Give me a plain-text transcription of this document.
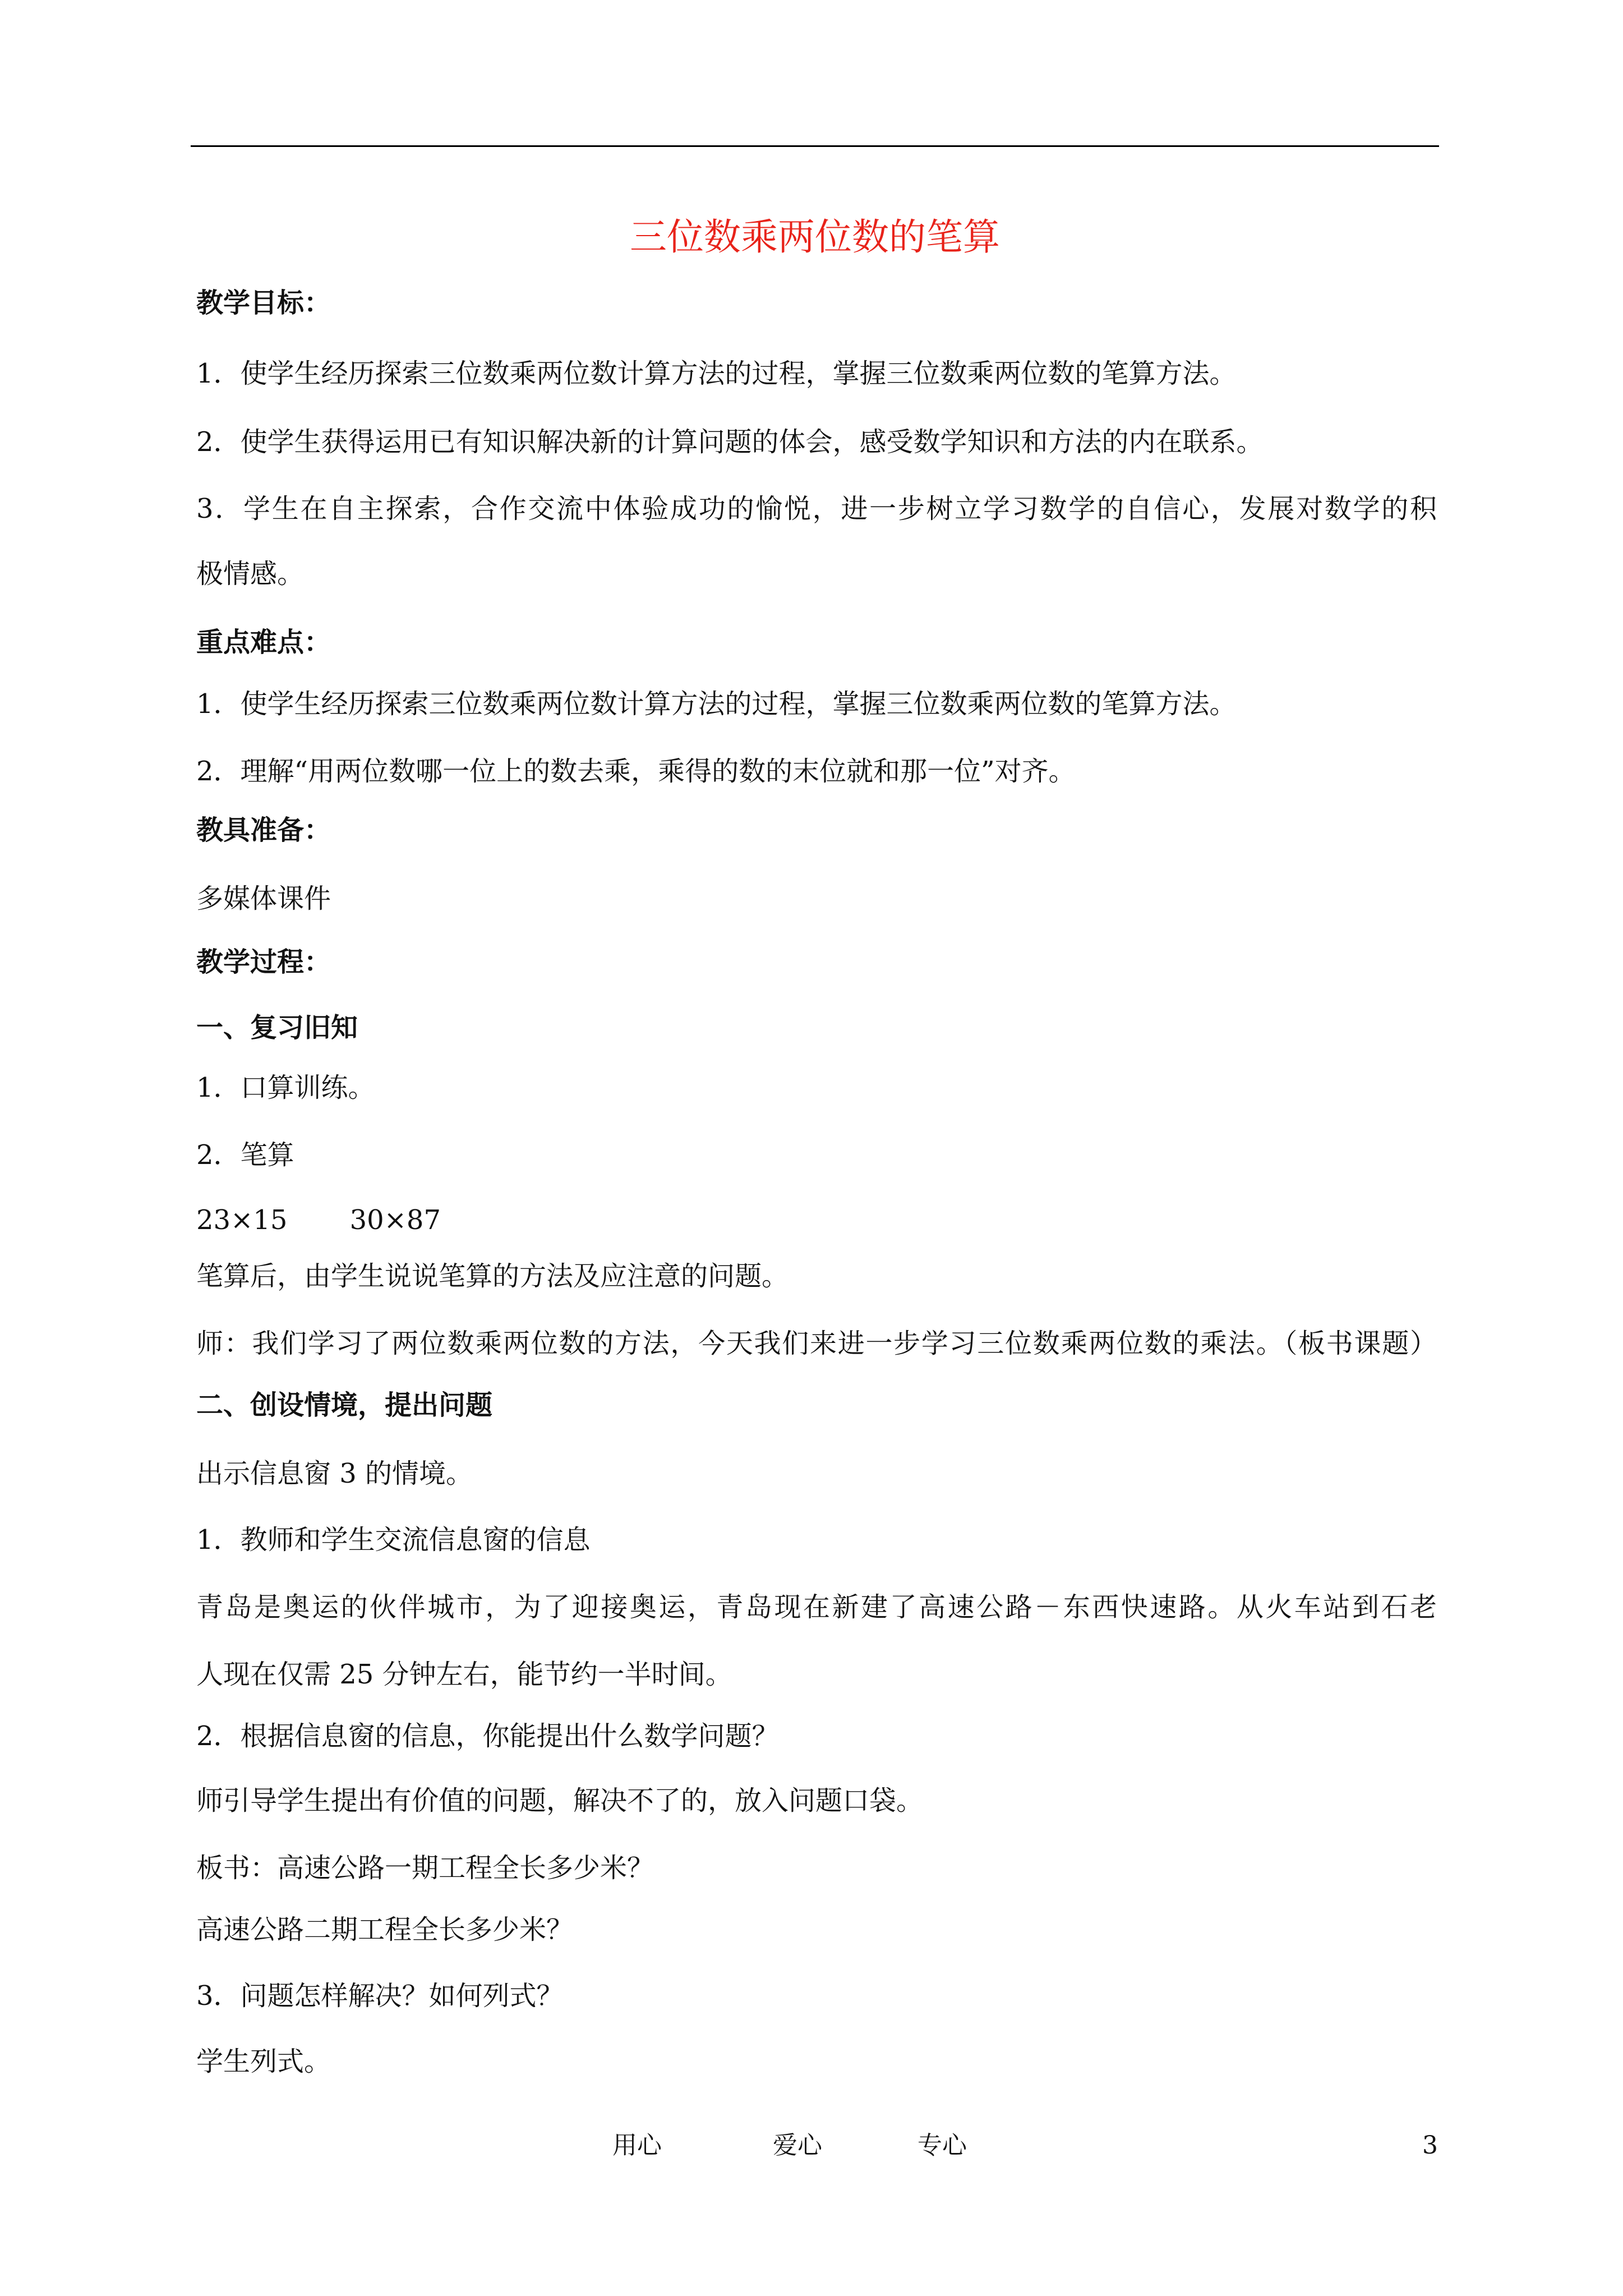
三位数乘两位数的笔算
教学目标：
1．使学生经历探索三位数乘两位数计算方法的过程，掌握三位数乘两位数的笔算方法。
2．使学生获得运用已有知识解决新的计算问题的体会，感受数学知识和方法的内在联系。
3．学生在自主探索，合作交流中体验成功的愉悦，进一步树立学习数学的自信心，发展对数学的积
极情感。
重点难点：
1．使学生经历探索三位数乘两位数计算方法的过程，掌握三位数乘两位数的笔算方法。
2．理解“用两位数哪一位上的数去乘，乘得的数的末位就和那一位”对齐。
教具准备：
多媒体课件
教学过程：
一、复习旧知
1．口算训练。
2．笔算
23×15　　 30×87
笔算后，由学生说说笔算的方法及应注意的问题。
师：我们学习了两位数乘两位数的方法，今天我们来进一步学习三位数乘两位数的乘法。（板书课题）
二、创设情境，提出问题
出示信息窗 3 的情境。
1．教师和学生交流信息窗的信息
青岛是奥运的伙伴城市，为了迎接奥运，青岛现在新建了高速公路－东西快速路。从火车站到石老
人现在仅需 25 分钟左右，能节约一半时间。
2．根据信息窗的信息，你能提出什么数学问题？
师引导学生提出有价值的问题，解决不了的，放入问题口袋。
板书：高速公路一期工程全长多少米？
高速公路二期工程全长多少米？
3．问题怎样解决？如何列式？
学生列式。
用心	爱心	专心	3
